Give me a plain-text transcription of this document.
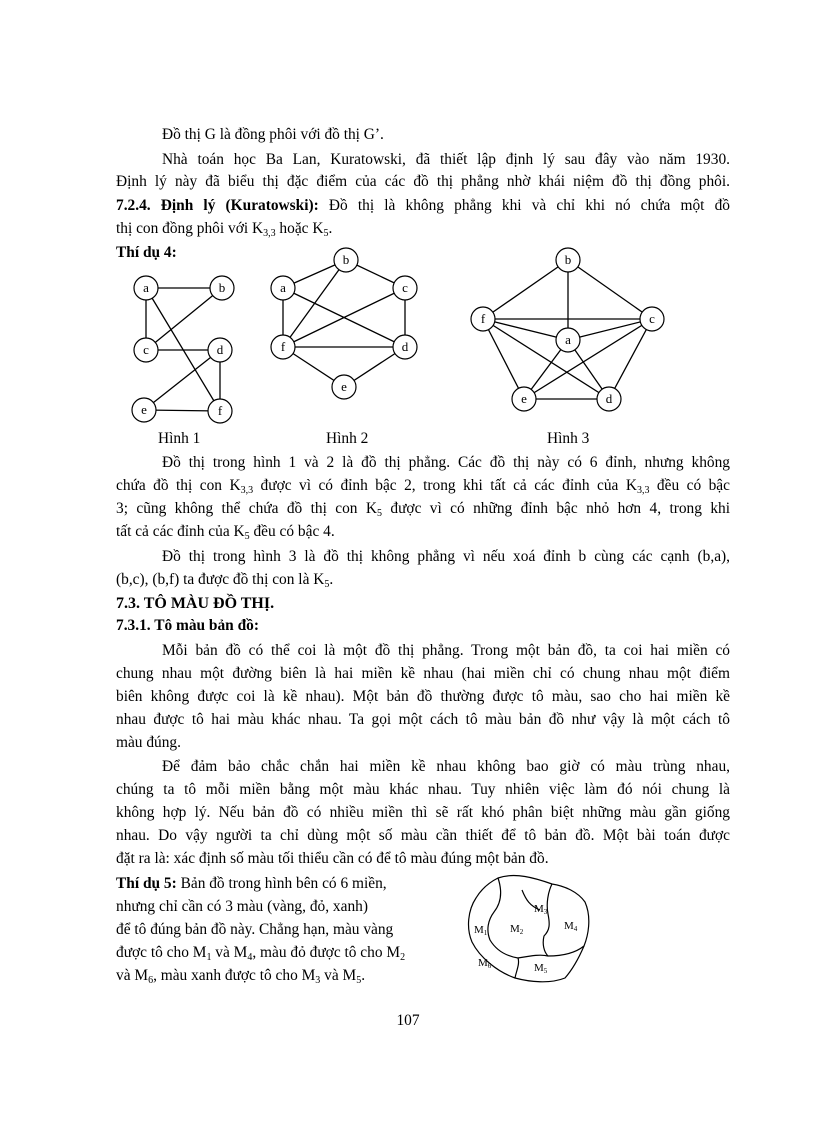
Đồ thị G là đồng phôi với đồ thị G’.
Nhà toán học Ba Lan, Kuratowski, đã thiết lập định lý sau đây vào năm 1930.
Định lý này đã biểu thị đặc điểm của các đồ thị phẳng nhờ khái niệm đồ thị đồng phôi.
7.2.4. Định lý (Kuratowski): Đồ thị là không phẳng khi và chỉ khi nó chứa một đồ
thị con đồng phôi với $K_{3,3}$ hoặc $K_5$.
Thí dụ 4:
a	b
c	d
e	f
b
a	c
f	d
e
b
f	c
a
e	d
Hình 1	Hình 2	Hình 3
Đồ thị trong hình 1 và 2 là đồ thị phẳng. Các đồ thị này có 6 đỉnh, nhưng không
chứa đồ thị con $K_{3,3}$ được vì có đỉnh bậc 2, trong khi tất cả các đỉnh của $K_{3,3}$ đều có bậc
3; cũng không thể chứa đồ thị con $K_5$ được vì có những đỉnh bậc nhỏ hơn 4, trong khi
tất cả các đỉnh của $K_5$ đều có bậc 4.
Đồ thị trong hình 3 là đồ thị không phẳng vì nếu xoá đỉnh b cùng các cạnh (b,a),
(b,c), (b,f) ta được đồ thị con là $K_5$.
7.3. TÔ MÀU ĐỒ THỊ.
7.3.1. Tô màu bản đồ:
Mỗi bản đồ có thể coi là một đồ thị phẳng. Trong một bản đồ, ta coi hai miền có
chung nhau một đường biên là hai miền kề nhau (hai miền chỉ có chung nhau một điểm
biên không được coi là kề nhau). Một bản đồ thường được tô màu, sao cho hai miền kề
nhau được tô hai màu khác nhau. Ta gọi một cách tô màu bản đồ như vậy là một cách tô
màu đúng.
Để đảm bảo chắc chắn hai miền kề nhau không bao giờ có màu trùng nhau,
chúng ta tô mỗi miền bằng một màu khác nhau. Tuy nhiên việc làm đó nói chung là
không hợp lý. Nếu bản đồ có nhiều miền thì sẽ rất khó phân biệt những màu gần giống
nhau. Do vậy người ta chỉ dùng một số màu cần thiết để tô bản đồ. Một bài toán được
đặt ra là: xác định số màu tối thiểu cần có để tô màu đúng một bản đồ.
Thí dụ 5: Bản đồ trong hình bên có 6 miền,
nhưng chỉ cần có 3 màu (vàng, đỏ, xanh)
để tô đúng bản đồ này. Chẳng hạn, màu vàng
được tô cho $M_1$ và $M_4$, màu đỏ được tô cho $M_2$
và $M_6$, màu xanh được tô cho $M_3$ và $M_5$.
M1 M2
M3
M4
M6	M5
107
